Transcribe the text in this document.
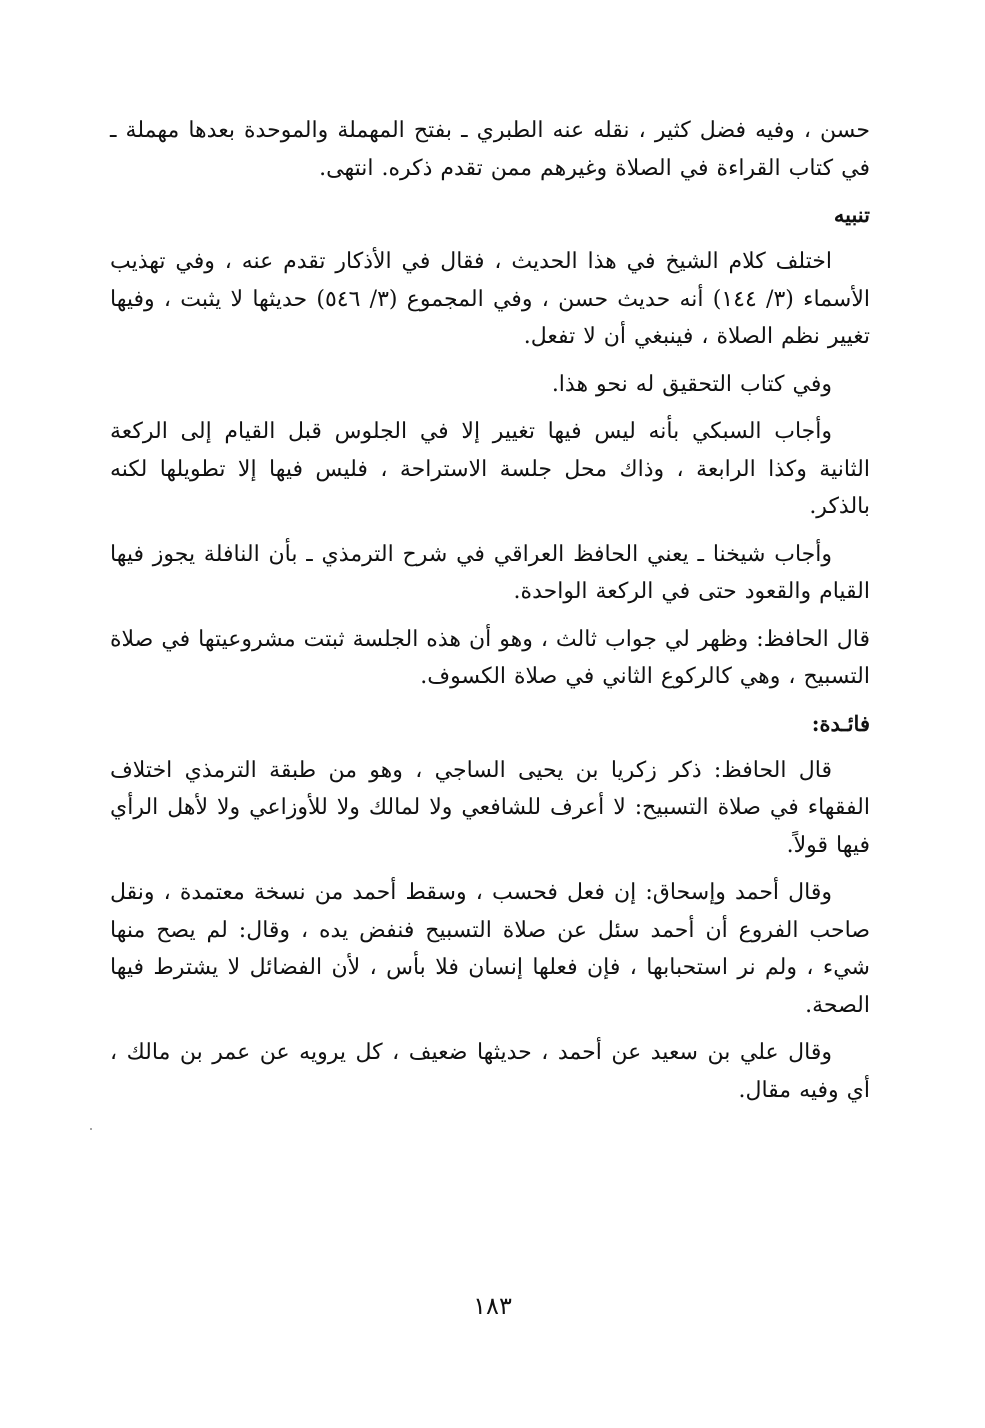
حسن ، وفيه فضل كثير ، نقله عنه الطبري ـ بفتح المهملة والموحدة بعدها مهملة ـ في كتاب القراءة في الصلاة وغيرهم ممن تقدم ذكره. انتهى.

تنبيه

اختلف كلام الشيخ في هذا الحديث ، فقال في الأذكار تقدم عنه ، وفي تهذيب الأسماء (٣/ ١٤٤) أنه حديث حسن ، وفي المجموع (٣/ ٥٤٦) حديثها لا يثبت ، وفيها تغيير نظم الصلاة ، فينبغي أن لا تفعل.

وفي كتاب التحقيق له نحو هذا.

وأجاب السبكي بأنه ليس فيها تغيير إلا في الجلوس قبل القيام إلى الركعة الثانية وكذا الرابعة ، وذاك محل جلسة الاستراحة ، فليس فيها إلا تطويلها لكنه بالذكر.

وأجاب شيخنا ـ يعني الحافظ العراقي في شرح الترمذي ـ بأن النافلة يجوز فيها القيام والقعود حتى في الركعة الواحدة.

قال الحافظ: وظهر لي جواب ثالث ، وهو أن هذه الجلسة ثبتت مشروعيتها في صلاة التسبيح ، وهي كالركوع الثاني في صلاة الكسوف.

فائـدة:

قال الحافظ: ذكر زكريا بن يحيى الساجي ، وهو من طبقة الترمذي اختلاف الفقهاء في صلاة التسبيح: لا أعرف للشافعي ولا لمالك ولا للأوزاعي ولا لأهل الرأي فيها قولاً.

وقال أحمد وإسحاق: إن فعل فحسب ، وسقط أحمد من نسخة معتمدة ، ونقل صاحب الفروع أن أحمد سئل عن صلاة التسبيح فنفض يده ، وقال: لم يصح منها شيء ، ولم نر استحبابها ، فإن فعلها إنسان فلا بأس ، لأن الفضائل لا يشترط فيها الصحة.

وقال علي بن سعيد عن أحمد ، حديثها ضعيف ، كل يرويه عن عمر بن مالك ، أي وفيه مقال.

١٨٣
